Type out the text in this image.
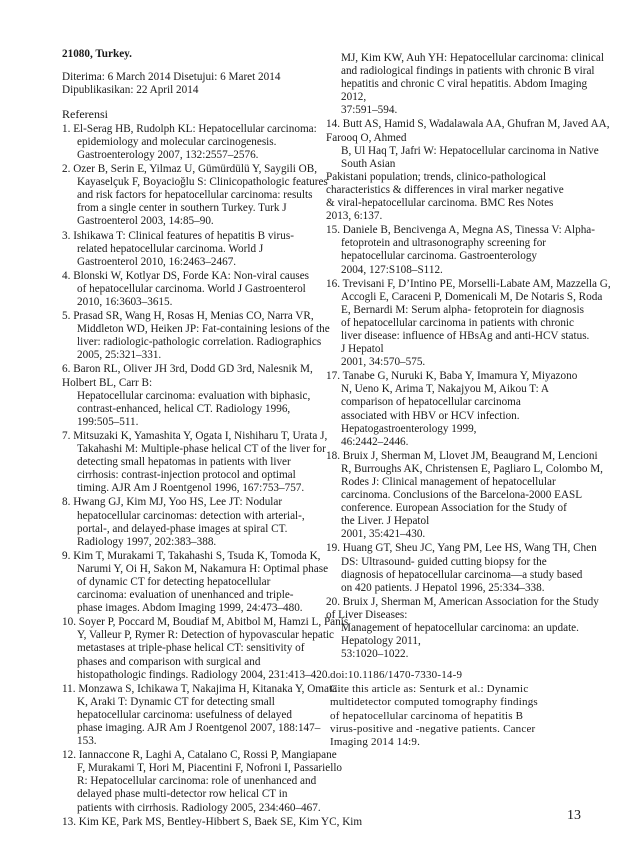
21080, Turkey.
Diterima: 6 March 2014 Disetujui: 6 Maret 2014
Dipublikasikan: 22 April 2014
Referensi
1. El-Serag HB, Rudolph KL: Hepatocellular carcinoma:
epidemiology and molecular carcinogenesis.
Gastroenterology 2007, 132:2557–2576.
2. Ozer B, Serin E, Yilmaz U, Gümürdülü Y, Saygili OB,
Kayaselçuk F, Boyacioğlu S: Clinicopathologic features
and risk factors for hepatocellular carcinoma: results
from a single center in southern Turkey. Turk J
Gastroenterol 2003, 14:85–90.
3. Ishikawa T: Clinical features of hepatitis B virus-
related hepatocellular carcinoma. World J
Gastroenterol 2010, 16:2463–2467.
4. Blonski W, Kotlyar DS, Forde KA: Non-viral causes
of hepatocellular carcinoma. World J Gastroenterol
2010, 16:3603–3615.
5. Prasad SR, Wang H, Rosas H, Menias CO, Narra VR,
Middleton WD, Heiken JP: Fat-containing lesions of the
liver: radiologic-pathologic correlation. Radiographics
2005, 25:321–331.
6. Baron RL, Oliver JH 3rd, Dodd GD 3rd, Nalesnik M,
Holbert BL, Carr B:
Hepatocellular carcinoma: evaluation with biphasic,
contrast-enhanced, helical CT. Radiology 1996,
199:505–511.
7. Mitsuzaki K, Yamashita Y, Ogata I, Nishiharu T, Urata J,
Takahashi M: Multiple-phase helical CT of the liver for
detecting small hepatomas in patients with liver
cirrhosis: contrast-injection protocol and optimal
timing. AJR Am J Roentgenol 1996, 167:753–757.
8. Hwang GJ, Kim MJ, Yoo HS, Lee JT: Nodular
hepatocellular carcinomas: detection with arterial-,
portal-, and delayed-phase images at spiral CT.
Radiology 1997, 202:383–388.
9. Kim T, Murakami T, Takahashi S, Tsuda K, Tomoda K,
Narumi Y, Oi H, Sakon M, Nakamura H: Optimal phase
of dynamic CT for detecting hepatocellular
carcinoma: evaluation of unenhanced and triple-
phase images. Abdom Imaging 1999, 24:473–480.
10. Soyer P, Poccard M, Boudiaf M, Abitbol M, Hamzi L, Panis
Y, Valleur P, Rymer R: Detection of hypovascular hepatic
metastases at triple-phase helical CT: sensitivity of
phases and comparison with surgical and
histopathologic findings. Radiology 2004, 231:413–420.
11. Monzawa S, Ichikawa T, Nakajima H, Kitanaka Y, Omata
K, Araki T: Dynamic CT for detecting small
hepatocellular carcinoma: usefulness of delayed
phase imaging. AJR Am J Roentgenol 2007, 188:147–
153.
12. Iannaccone R, Laghi A, Catalano C, Rossi P, Mangiapane
F, Murakami T, Hori M, Piacentini F, Nofroni I, Passariello
R: Hepatocellular carcinoma: role of unenhanced and
delayed phase multi-detector row helical CT in
patients with cirrhosis. Radiology 2005, 234:460–467.
13. Kim KE, Park MS, Bentley-Hibbert S, Baek SE, Kim YC, Kim
MJ, Kim KW, Auh YH: Hepatocellular carcinoma: clinical
and radiological findings in patients with chronic B viral
hepatitis and chronic C viral hepatitis. Abdom Imaging
2012,
37:591–594.
14. Butt AS, Hamid S, Wadalawala AA, Ghufran M, Javed AA,
Farooq O, Ahmed
B, Ul Haq T, Jafri W: Hepatocellular carcinoma in Native
South Asian
Pakistani population; trends, clinico-pathological
characteristics & differences in viral marker negative
& viral-hepatocellular carcinoma. BMC Res Notes
2013, 6:137.
15. Daniele B, Bencivenga A, Megna AS, Tinessa V: Alpha-
fetoprotein and ultrasonography screening for
hepatocellular carcinoma. Gastroenterology
2004, 127:S108–S112.
16. Trevisani F, D’Intino PE, Morselli-Labate AM, Mazzella G,
Accogli E, Caraceni P, Domenicali M, De Notaris S, Roda
E, Bernardi M: Serum alpha- fetoprotein for diagnosis
of hepatocellular carcinoma in patients with chronic
liver disease: influence of HBsAg and anti-HCV status.
J Hepatol
2001, 34:570–575.
17. Tanabe G, Nuruki K, Baba Y, Imamura Y, Miyazono
N, Ueno K, Arima T, Nakajyou M, Aikou T: A
comparison of hepatocellular carcinoma
associated with HBV or HCV infection.
Hepatogastroenterology 1999,
46:2442–2446.
18. Bruix J, Sherman M, Llovet JM, Beaugrand M, Lencioni
R, Burroughs AK, Christensen E, Pagliaro L, Colombo M,
Rodes J: Clinical management of hepatocellular
carcinoma. Conclusions of the Barcelona-2000 EASL
conference. European Association for the Study of
the Liver. J Hepatol
2001, 35:421–430.
19. Huang GT, Sheu JC, Yang PM, Lee HS, Wang TH, Chen
DS: Ultrasound- guided cutting biopsy for the
diagnosis of hepatocellular carcinoma—a study based
on 420 patients. J Hepatol 1996, 25:334–338.
20. Bruix J, Sherman M, American Association for the Study
of Liver Diseases:
Management of hepatocellular carcinoma: an update.
Hepatology 2011,
53:1020–1022.
doi:10.1186/1470-7330-14-9
Cite this article as: Senturk et al.: Dynamic
multidetector computed tomography findings
of hepatocellular carcinoma of hepatitis B
virus-positive and -negative patients. Cancer
Imaging 2014 14:9.
13
